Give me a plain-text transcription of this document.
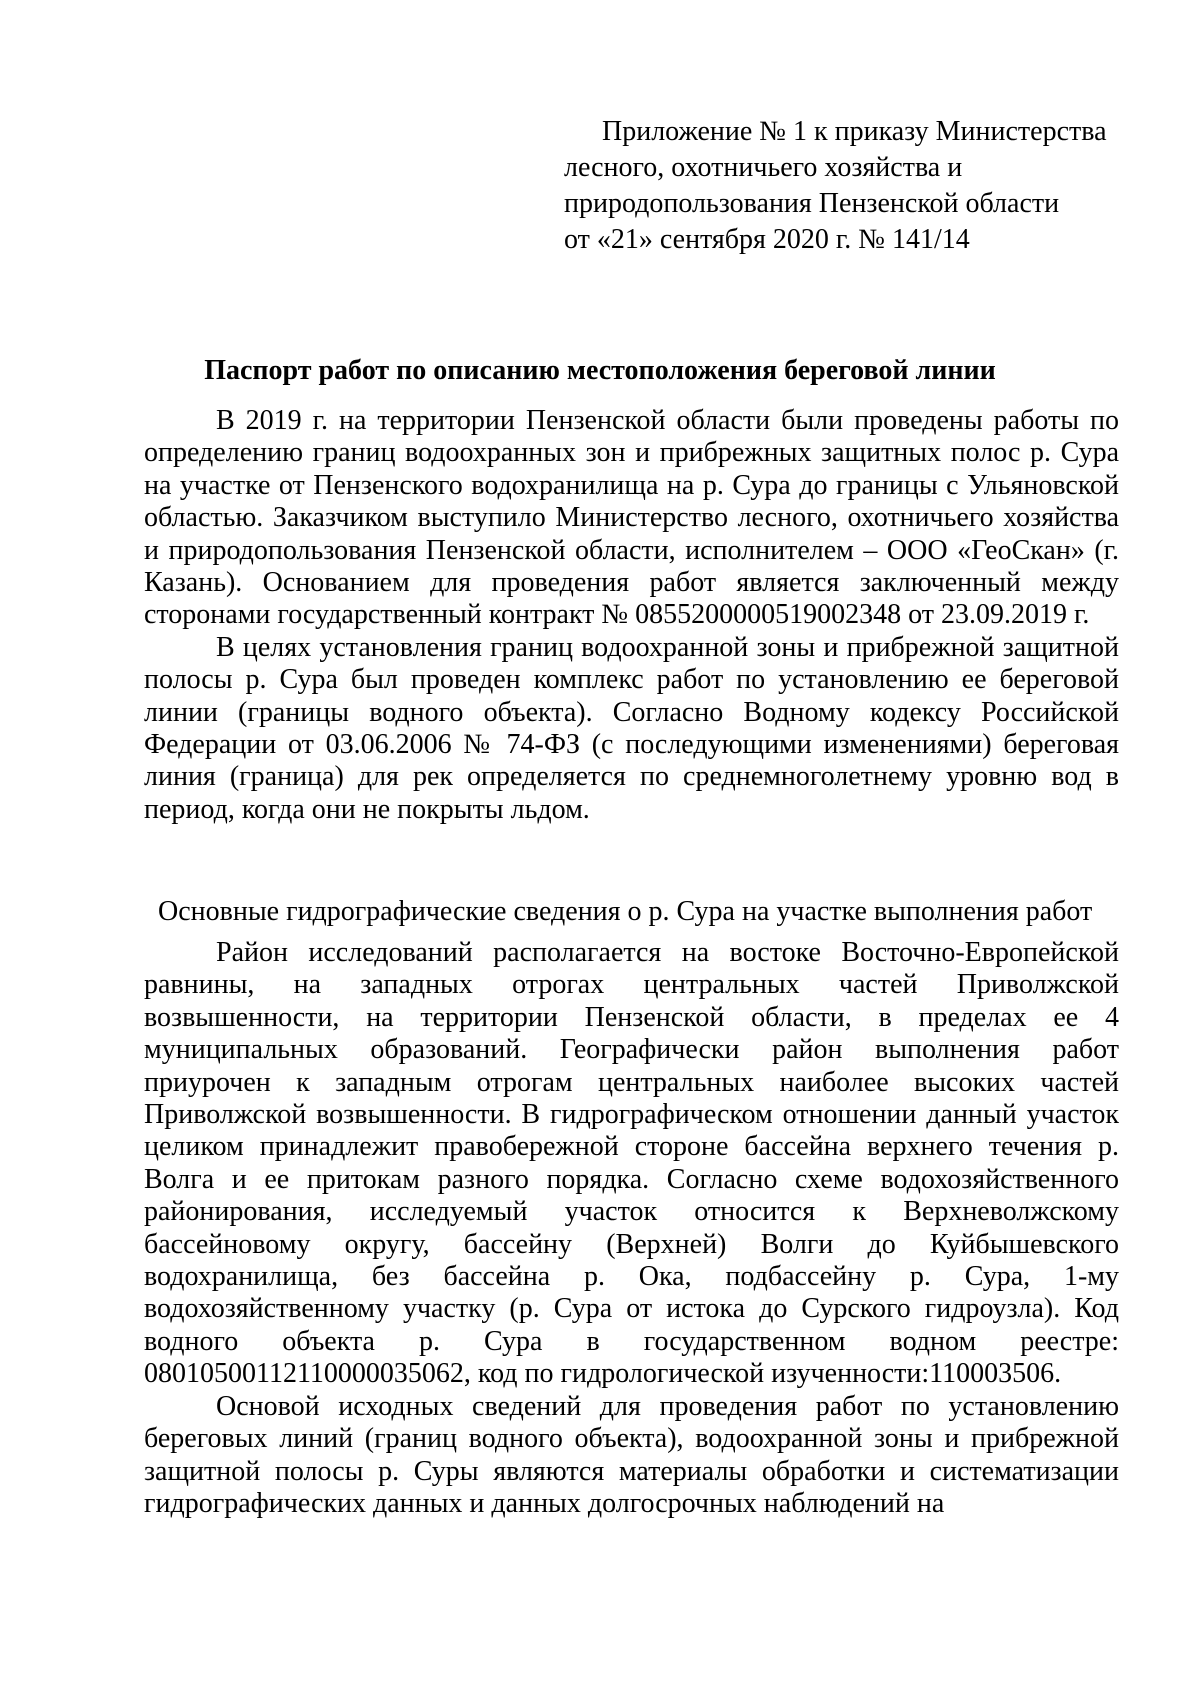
Приложение № 1 к приказу Министерства
лесного, охотничьего хозяйства и
природопользования Пензенской области
от «21» сентября 2020 г. № 141/14
Паспорт работ по описанию местоположения береговой линии

В 2019 г. на территории Пензенской области были проведены работы по определению границ водоохранных зон и прибрежных защитных полос р. Сура на участке от Пензенского водохранилища на р. Сура до границы с Ульяновской областью. Заказчиком выступило Министерство лесного, охотничьего хозяйства и природопользования Пензенской области, исполнителем – ООО «ГеоСкан» (г. Казань). Основанием для проведения работ является заключенный между сторонами государственный контракт № 0855200000519002348 от 23.09.2019 г.

В целях установления границ водоохранной зоны и прибрежной защитной полосы р. Сура был проведен комплекс работ по установлению ее береговой линии (границы водного объекта). Согласно Водному кодексу Российской Федерации от 03.06.2006 № 74-ФЗ (с последующими изменениями) береговая линия (граница) для рек определяется по среднемноголетнему уровню вод в период, когда они не покрыты льдом.

Основные гидрографические сведения о р. Сура на участке выполнения работ

Район исследований располагается на востоке Восточно-Европейской равнины, на западных отрогах центральных частей Приволжской возвышенности, на территории Пензенской области, в пределах ее 4 муниципальных образований. Географически район выполнения работ приурочен к западным отрогам центральных наиболее высоких частей Приволжской возвышенности. В гидрографическом отношении данный участок целиком принадлежит правобережной стороне бассейна верхнего течения р. Волга и ее притокам разного порядка. Согласно схеме водохозяйственного районирования, исследуемый участок относится к Верхневолжскому бассейновому округу, бассейну (Верхней) Волги до Куйбышевского водохранилища, без бассейна р. Ока, подбассейну р. Сура, 1-му водохозяйственному участку (р. Сура от истока до Сурского гидроузла). Код водного объекта р. Сура в государственном водном реестре: 08010500112110000035062, код по гидрологической изученности:110003506.

Основой исходных сведений для проведения работ по установлению береговых линий (границ водного объекта), водоохранной зоны и прибрежной защитной полосы р. Суры являются материалы обработки и систематизации гидрографических данных и данных долгосрочных наблюдений на
